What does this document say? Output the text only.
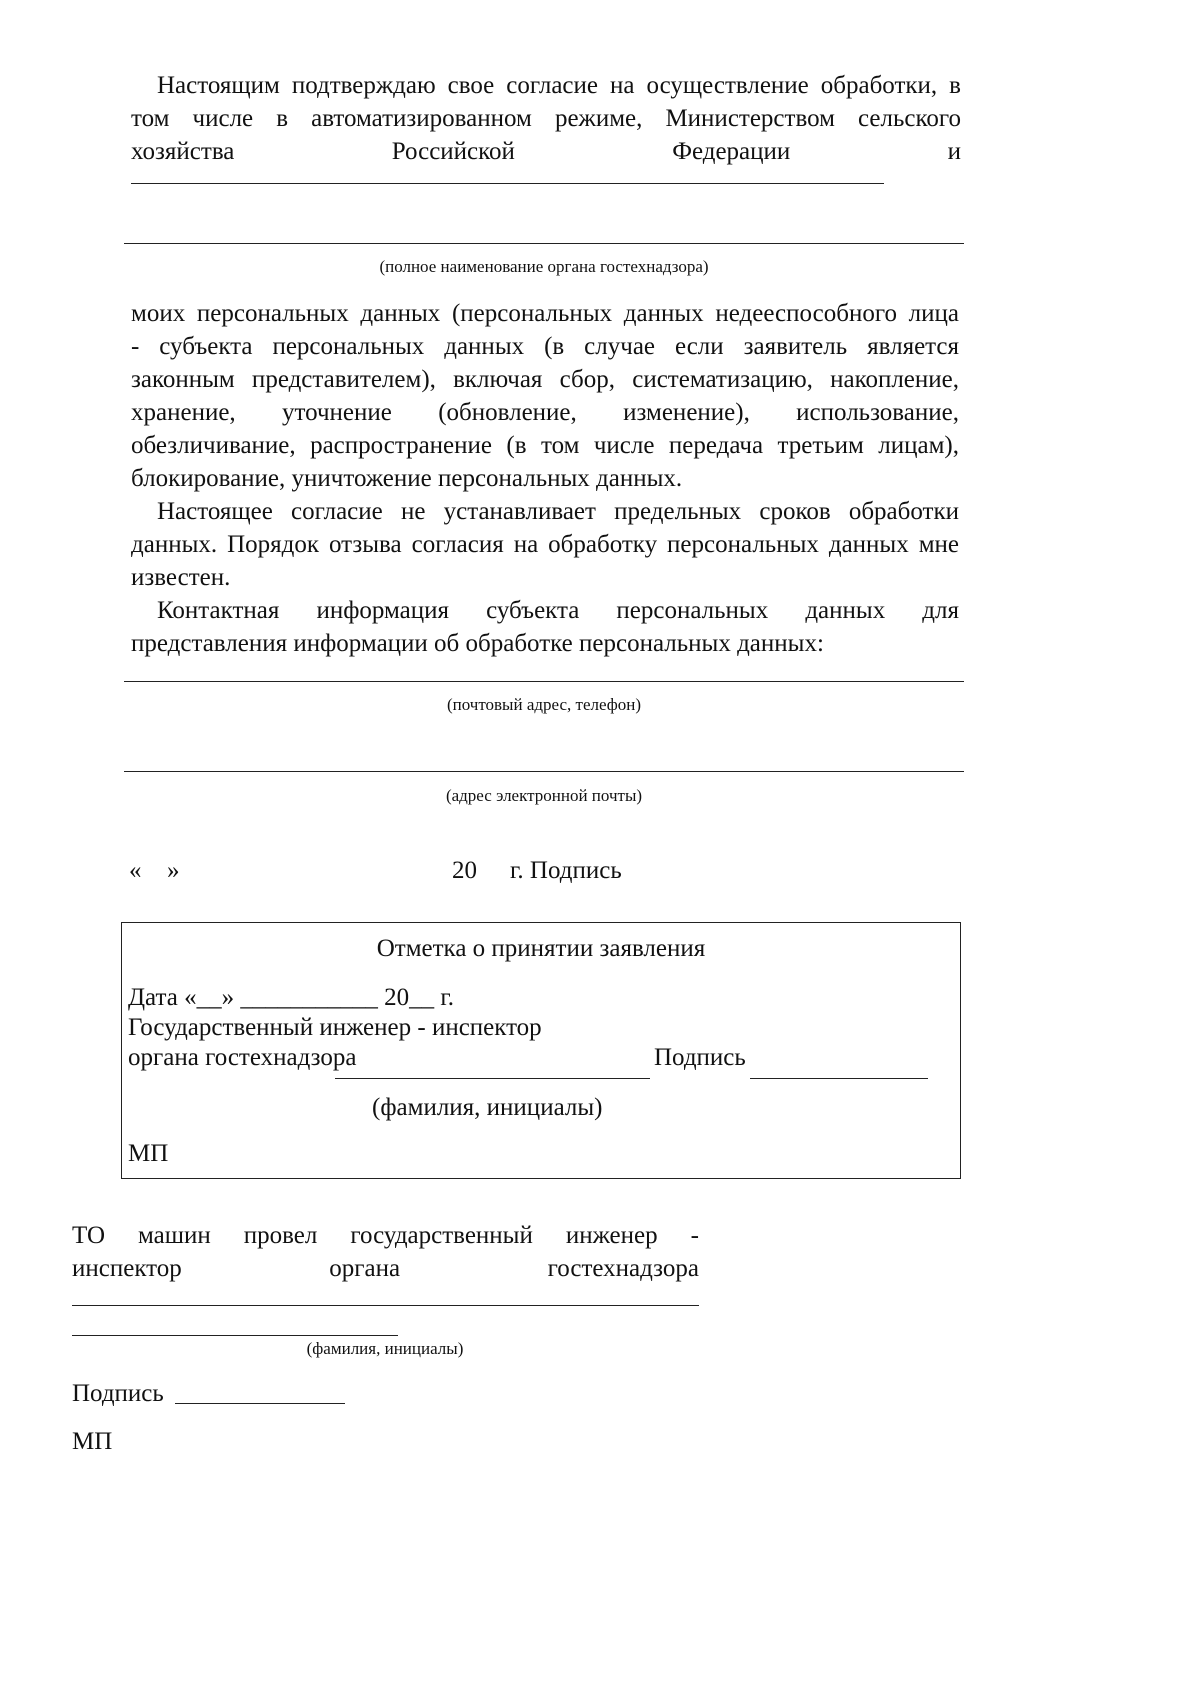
Настоящим подтверждаю свое согласие на осуществление обработки, в
том числе в автоматизированном режиме, Министерством сельского
хозяйства	Российской	Федерации	и
(полное наименование органа гостехнадзора)
моих персональных данных (персональных данных недееспособного лица
- субъекта персональных данных (в случае если заявитель является
законным представителем), включая сбор, систематизацию, накопление,
хранение, уточнение (обновление, изменение), использование,
обезличивание, распространение (в том числе передача третьим лицам),
блокирование, уничтожение персональных данных.
Настоящее согласие не устанавливает предельных сроков обработки
данных. Порядок отзыва согласия на обработку персональных данных мне
известен.
Контактная информация субъекта персональных данных для
представления информации об обработке персональных данных:
(почтовый адрес, телефон)
(адрес электронной почты)
« »	20 г. Подпись
Отметка о принятии заявления
Дата «__» ___________ 20__ г.
Государственный инженер - инспектор
органа гостехнадзора	Подпись
(фамилия, инициалы)
МП
ТО машин провел государственный инженер -
инспектор	органа	гостехнадзора
(фамилия, инициалы)
Подпись
МП
